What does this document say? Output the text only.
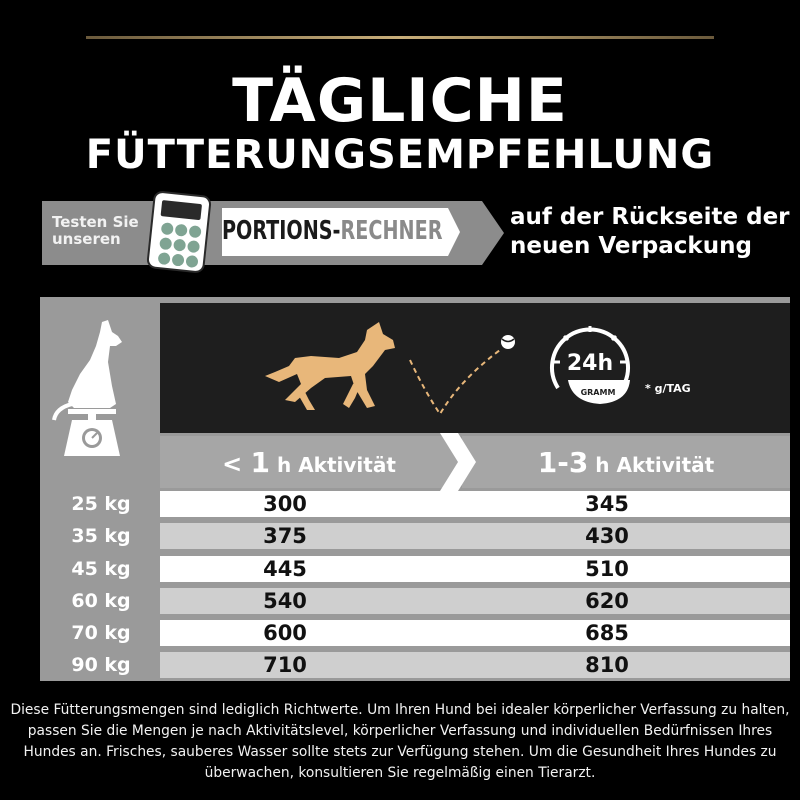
TÄGLICHE
FÜTTERUNGSEMPFEHLUNG
Testen Sie unseren	PORTIONS-RECHNER	auf der Rückseite der neuen Verpackung
24h
GRAMM	* g/TAG
< 1 h Aktivität	1-3 h Aktivität
25 kg	300	345
35 kg	375	430
45 kg	445	510
60 kg	540	620
70 kg	600	685
90 kg	710	810
Diese Fütterungsmengen sind lediglich Richtwerte. Um Ihren Hund bei idealer körperlicher Verfassung zu halten, passen Sie die Mengen je nach Aktivitätslevel, körperlicher Verfassung und individuellen Bedürfnissen Ihres Hundes an. Frisches, sauberes Wasser sollte stets zur Verfügung stehen. Um die Gesundheit Ihres Hundes zu überwachen, konsultieren Sie regelmäßig einen Tierarzt.
